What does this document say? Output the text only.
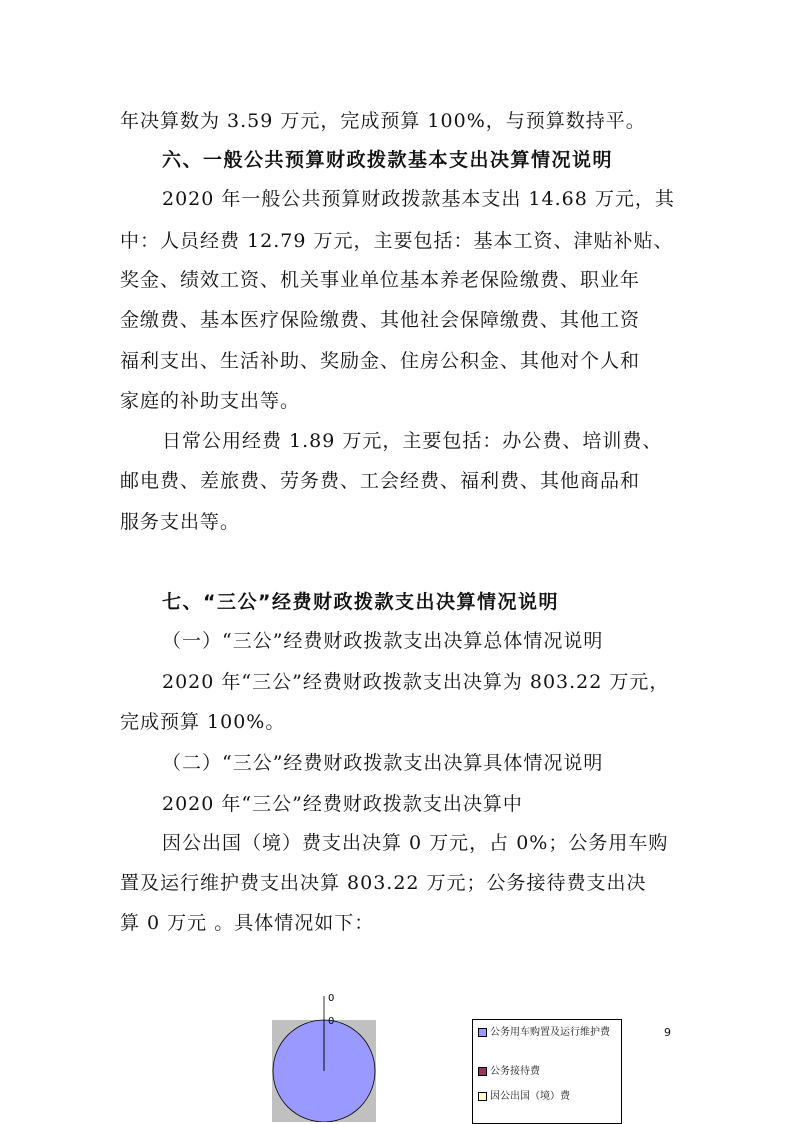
年决算数为 3.59 万元，完成预算 100%，与预算数持平。
六、一般公共预算财政拨款基本支出决算情况说明
2020 年一般公共预算财政拨款基本支出 14.68 万元，其
中：人员经费 12.79 万元，主要包括：基本工资、津贴补贴、
奖金、绩效工资、机关事业单位基本养老保险缴费、职业年
金缴费、基本医疗保险缴费、其他社会保障缴费、其他工资
福利支出、生活补助、奖励金、住房公积金、其他对个人和
家庭的补助支出等。
日常公用经费 1.89 万元，主要包括：办公费、培训费、
邮电费、差旅费、劳务费、工会经费、福利费、其他商品和
服务支出等。
七、“三公”经费财政拨款支出决算情况说明
（一）“三公”经费财政拨款支出决算总体情况说明
2020 年“三公”经费财政拨款支出决算为 803.22 万元，
完成预算 100%。
（二）“三公”经费财政拨款支出决算具体情况说明
2020 年“三公”经费财政拨款支出决算中
因公出国（境）费支出决算 0 万元，占 0%；公务用车购
置及运行维护费支出决算 803.22 万元；公务接待费支出决
算 0 万元 。具体情况如下：
0
0
公务用车购置及运行维护费
公务接待费
因公出国（境）费
9
